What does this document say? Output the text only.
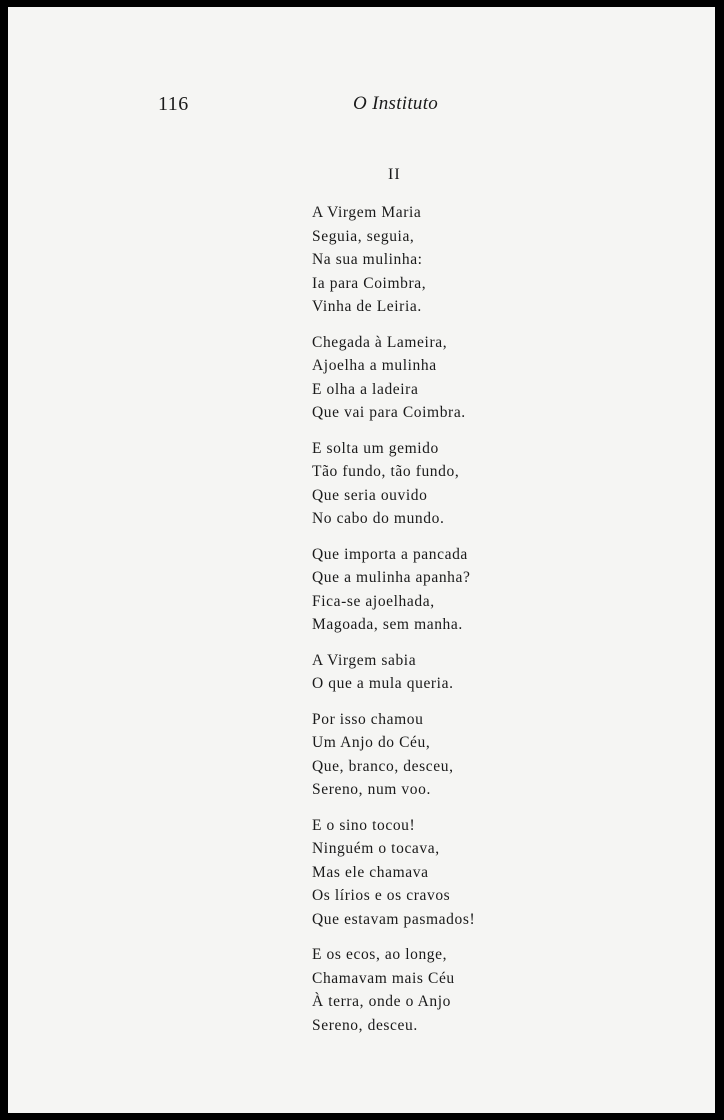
116	O Instituto
II
A Virgem Maria
Seguia, seguia,
Na sua mulinha:
Ia para Coimbra,
Vinha de Leiria.
Chegada à Lameira,
Ajoelha a mulinha
E olha a ladeira
Que vai para Coimbra.
E solta um gemido
Tão fundo, tão fundo,
Que seria ouvido
No cabo do mundo.
Que importa a pancada
Que a mulinha apanha?
Fica-se ajoelhada,
Magoada, sem manha.
A Virgem sabia
O que a mula queria.
Por isso chamou
Um Anjo do Céu,
Que, branco, desceu,
Sereno, num voo.
E o sino tocou!
Ninguém o tocava,
Mas ele chamava
Os lírios e os cravos
Que estavam pasmados!
E os ecos, ao longe,
Chamavam mais Céu
À terra, onde o Anjo
Sereno, desceu.
